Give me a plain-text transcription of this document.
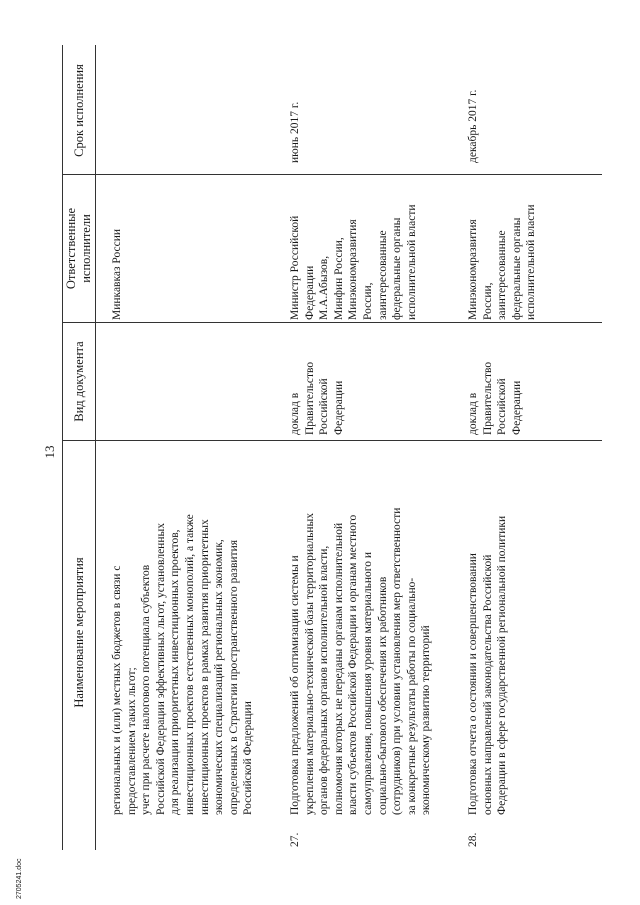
13
Наименование мероприятия
Вид документа
Ответственные исполнители
Срок исполнения
региональных и (или) местных бюджетов в связи с
предоставлением таких льгот;
учет при расчете налогового потенциала субъектов
Российской Федерации эффективных льгот, установленных
для реализации приоритетных инвестиционных проектов,
инвестиционных проектов естественных монополий, а также
инвестиционных проектов в рамках развития приоритетных
экономических специализаций региональных экономик,
определенных в Стратегии пространственного развития
Российской Федерации
Минкавказ России
27.
Подготовка предложений об оптимизации системы и
укрепления материально-технической базы территориальных
органов федеральных органов исполнительной власти,
полномочия которых не переданы органам исполнительной
власти субъектов Российской Федерации и органам местного
самоуправления, повышения уровня материального и
социально-бытового обеспечения их работников
(сотрудников) при условии установления мер ответственности
за конкретные результаты работы по социально-
экономическому развитию территорий
доклад в
Правительство
Российской
Федерации
Министр Российской
Федерации
М.А.Абызов,
Минфин России,
Минэкономразвития
России,
заинтересованные
федеральные органы
исполнительной власти
июнь 2017 г.
28.
Подготовка отчета о состоянии и совершенствовании
основных направлений законодательства Российской
Федерации в сфере государственной региональной политики
доклад в
Правительство
Российской
Федерации
Минэкономразвития
России,
заинтересованные
федеральные органы
исполнительной власти
декабрь 2017 г.
2705241.doc
